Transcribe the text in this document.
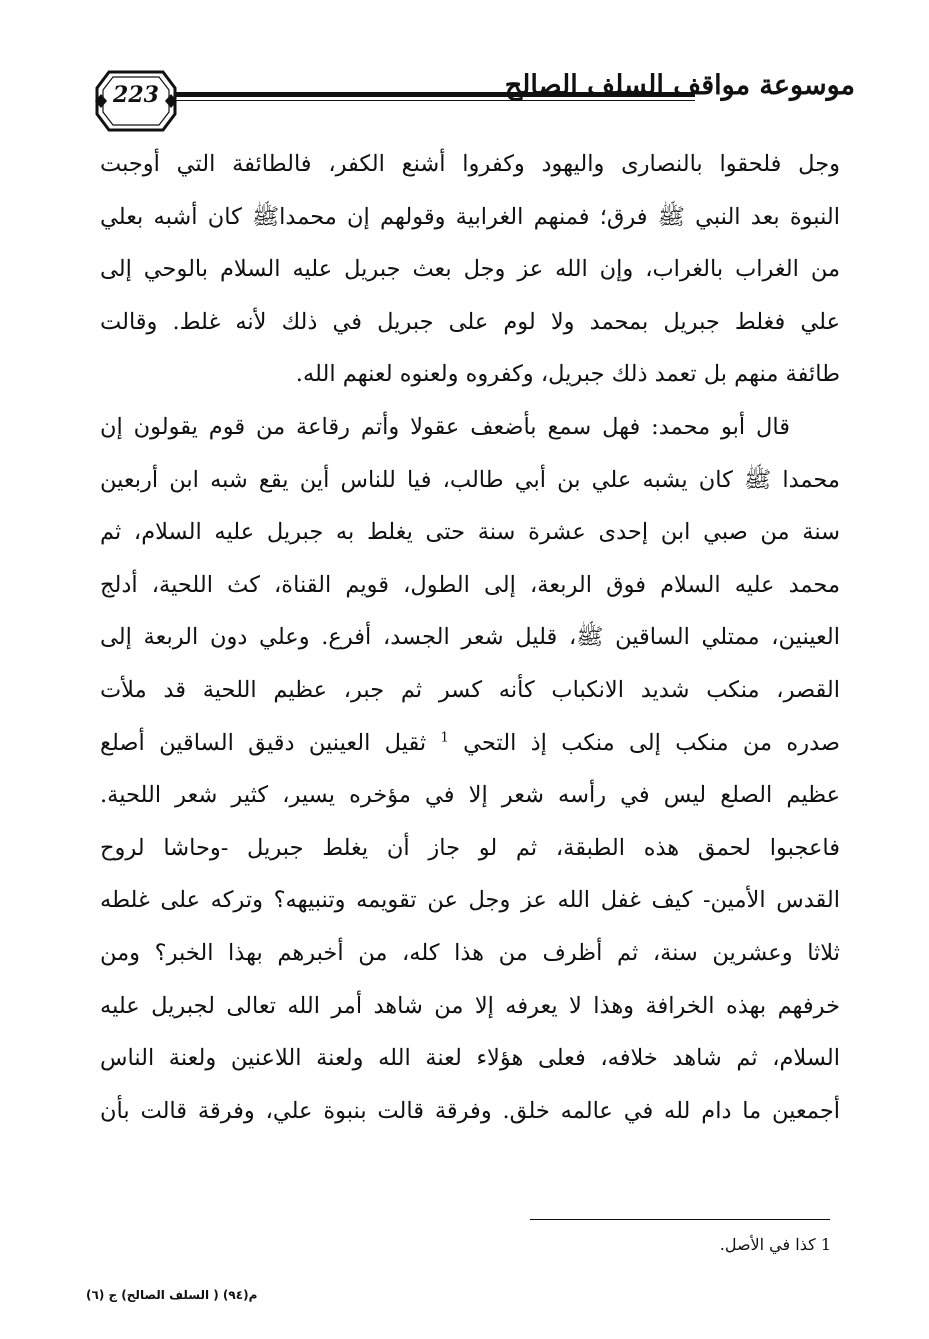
223	موسوعة مواقف السلف الصالح
وجل فلحقوا بالنصارى واليهود وكفروا أشنع الكفر، فالطائفة التي أوجبت
النبوة بعد النبي ﷺ فرق؛ فمنهم الغرابية وقولهم إن محمداﷺ كان أشبه بعلي
من الغراب بالغراب، وإن الله عز وجل بعث جبريل عليه السلام بالوحي إلى
علي فغلط جبريل بمحمد ولا لوم على جبريل في ذلك لأنه غلط. وقالت
طائفة منهم بل تعمد ذلك جبريل، وكفروه ولعنوه لعنهم الله.
قال أبو محمد: فهل سمع بأضعف عقولا وأتم رقاعة من قوم يقولون إن
محمدا ﷺ كان يشبه علي بن أبي طالب، فيا للناس أين يقع شبه ابن أربعين
سنة من صبي ابن إحدى عشرة سنة حتى يغلط به جبريل عليه السلام، ثم
محمد عليه السلام فوق الربعة، إلى الطول، قويم القناة، كث اللحية، أدلج
العينين، ممتلي الساقين ﷺ، قليل شعر الجسد، أفرع. وعلي دون الربعة إلى
القصر، منكب شديد الانكباب كأنه كسر ثم جبر، عظيم اللحية قد ملأت
صدره من منكب إلى منكب إذ التحي $^1$ ثقيل العينين دقيق الساقين أصلع
عظيم الصلع ليس في رأسه شعر إلا في مؤخره يسير، كثير شعر اللحية.
فاعجبوا لحمق هذه الطبقة، ثم لو جاز أن يغلط جبريل -وحاشا لروح
القدس الأمين- كيف غفل الله عز وجل عن تقويمه وتنبيهه؟ وتركه على غلطه
ثلاثا وعشرين سنة، ثم أظرف من هذا كله، من أخبرهم بهذا الخبر؟ ومن
خرفهم بهذه الخرافة وهذا لا يعرفه إلا من شاهد أمر الله تعالى لجبريل عليه
السلام، ثم شاهد خلافه، فعلى هؤلاء لعنة الله ولعنة اللاعنين ولعنة الناس
أجمعين ما دام لله في عالمه خلق. وفرقة قالت بنبوة علي، وفرقة قالت بأن
1 كذا في الأصل.
م(٩٤) ( السلف الصالح) ج (٦)
